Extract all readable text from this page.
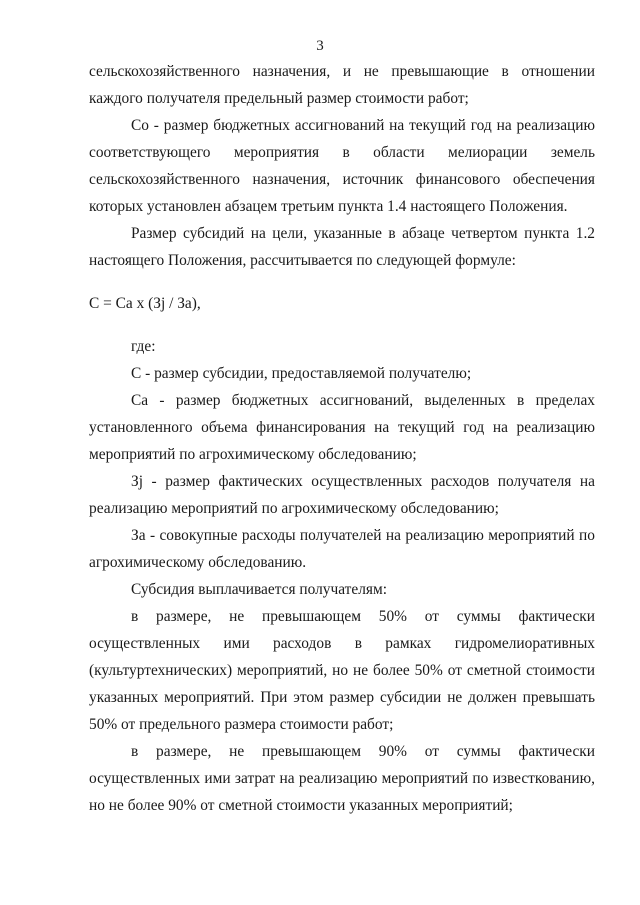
3

сельскохозяйственного назначения, и не превышающие в отношении каждого получателя предельный размер стоимости работ;

Со - размер бюджетных ассигнований на текущий год на реализацию соответствующего мероприятия в области мелиорации земель сельскохозяйственного назначения, источник финансового обеспечения которых установлен абзацем третьим пункта 1.4 настоящего Положения.

Размер субсидий на цели, указанные в абзаце четвертом пункта 1.2 настоящего Положения, рассчитывается по следующей формуле:

С = Са х (Зj / За),

где:

С - размер субсидии, предоставляемой получателю;

Са - размер бюджетных ассигнований, выделенных в пределах установленного объема финансирования на текущий год на реализацию мероприятий по агрохимическому обследованию;

Зj - размер фактических осуществленных расходов получателя на реализацию мероприятий по агрохимическому обследованию;

За - совокупные расходы получателей на реализацию мероприятий по агрохимическому обследованию.

Субсидия выплачивается получателям:

в размере, не превышающем 50% от суммы фактически осуществленных ими расходов в рамках гидромелиоративных (культуртехнических) мероприятий, но не более 50% от сметной стоимости указанных мероприятий. При этом размер субсидии не должен превышать 50% от предельного размера стоимости работ;

в размере, не превышающем 90% от суммы фактически осуществленных ими затрат на реализацию мероприятий по известкованию, но не более 90% от сметной стоимости указанных мероприятий;
